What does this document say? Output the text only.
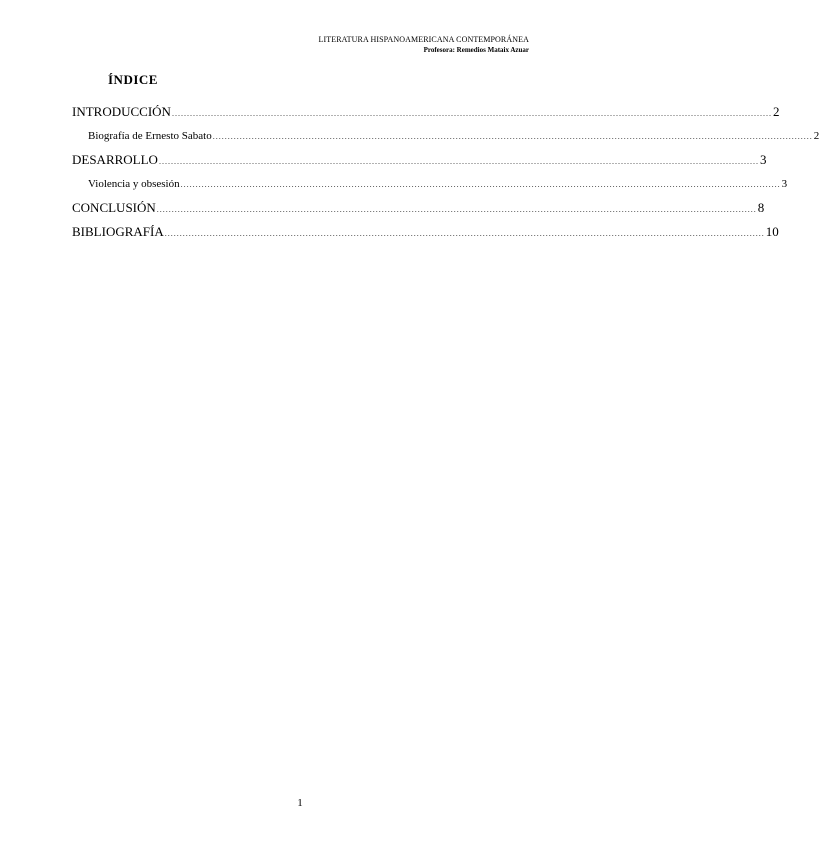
LITERATURA HISPANOAMERICANA CONTEMPORÁNEA
Profesora: Remedios Mataix Azuar
ÍNDICE
INTRODUCCIÓN ........................................................................................................................................................................................................ 2
Biografía de Ernesto Sabato ........................................................................................................................................................................................................ 2
DESARROLLO ........................................................................................................................................................................................................ 3
Violencia y obsesión ........................................................................................................................................................................................................ 3
CONCLUSIÓN ........................................................................................................................................................................................................ 8
BIBLIOGRAFÍA ........................................................................................................................................................................................................ 10
1
